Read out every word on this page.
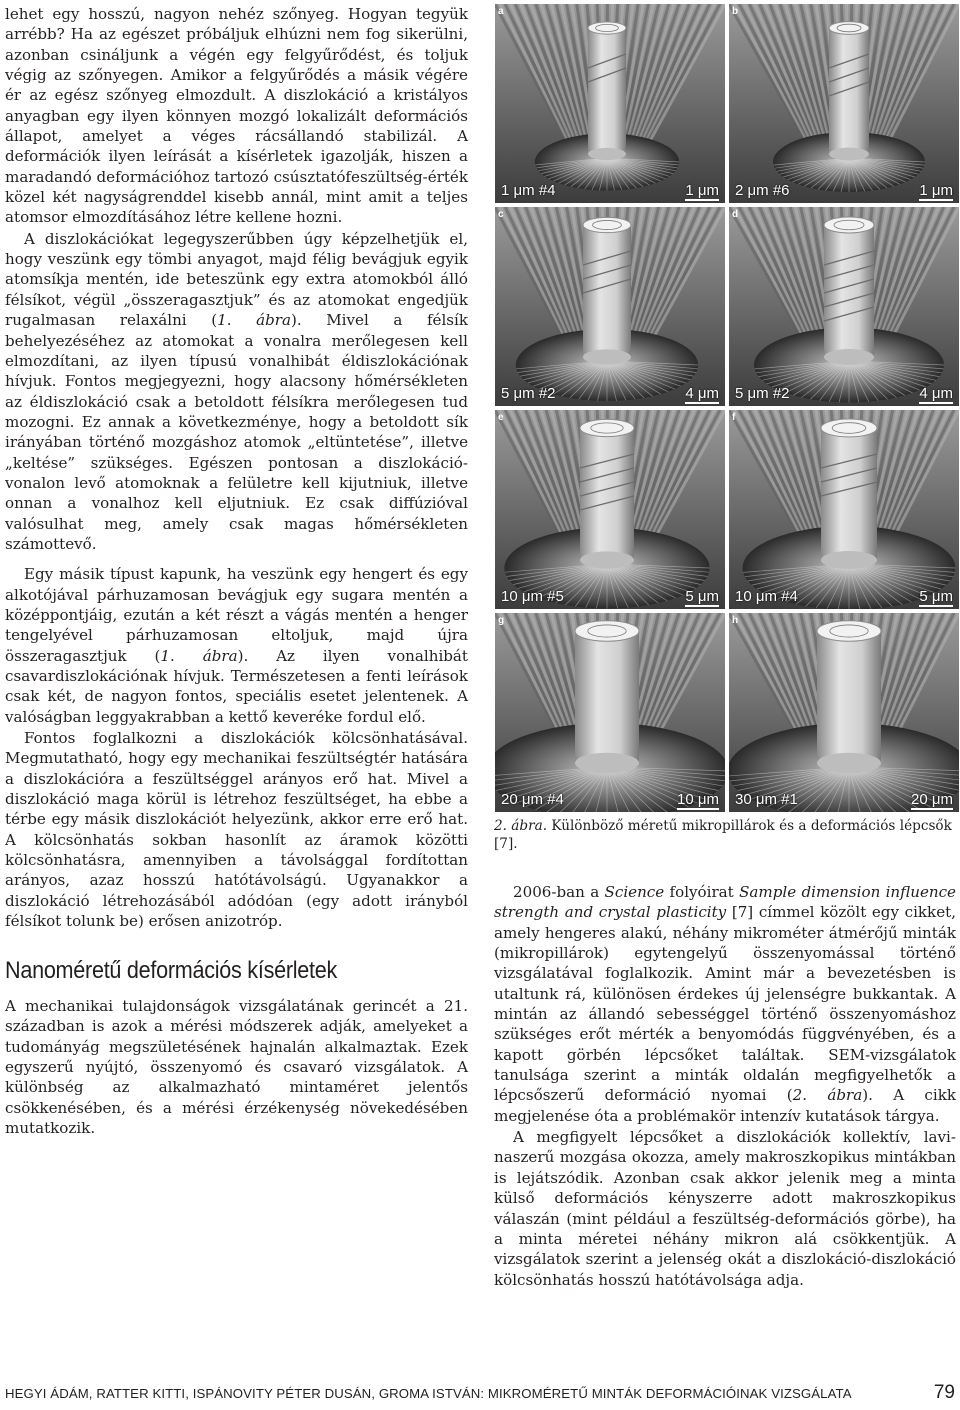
lehet egy hosszú, nagyon nehéz szőnyeg. Hogyan tegyük arrébb? Ha az egészet próbáljuk elhúzni nem fog sikerülni, azonban csináljunk a végén egy felgyűrődést, és toljuk végig az szőnyegen. Amikor a felgyűrődés a másik végére ér az egész szőnyeg elmozdult. A diszlokáció a kristályos anyagban egy ilyen könnyen mozgó lokalizált deformációs állapot, amelyet a véges rácsállandó stabilizál. A deformációk ilyen leírását a kísérletek igazolják, hiszen a maradandó deformációhoz tartozó csúsztatófeszültség-érték közel két nagyságrenddel kisebb annál, mint amit a teljes atomsor elmozdításához létre kellene hozni.

A diszlokációkat legegyszerűbben úgy képzelhetjük el, hogy veszünk egy tömbi anyagot, majd félig bevágjuk egyik atomsíkja mentén, ide beteszünk egy extra atomokból álló félsíkot, végül „összeragasztjuk” és az atomokat engedjük rugalmasan relaxálni (1. ábra). Mivel a félsík behelyezéséhez az atomokat a vonalra merőlegesen kell elmozdítani, az ilyen típusú vonalhibát éldiszlokációnak hívjuk. Fontos megjegyezni, hogy alacsony hőmérsékleten az éldiszlokáció csak a betoldott félsíkra merőlegesen tud mozogni. Ez annak a következménye, hogy a betoldott sík irányában történő mozgáshoz atomok „eltüntetése”, illetve „keltése” szükséges. Egészen pontosan a diszlokációvonalon levő atomoknak a felületre kell kijutniuk, illetve onnan a vonalhoz kell eljutniuk. Ez csak diffúzióval valósulhat meg, amely csak magas hőmérsékleten számottevő.

Egy másik típust kapunk, ha veszünk egy hengert és egy alkotójával párhuzamosan bevágjuk egy sugara mentén a középpontjáig, ezután a két részt a vágás mentén a henger tengelyével párhuzamosan eltoljuk, majd újra összeragasztjuk (1. ábra). Az ilyen vonalhibát csavardiszlokációnak hívjuk. Természetesen a fenti leírások csak két, de nagyon fontos, speciális esetet jelentenek. A valóságban leggyakrabban a kettő keveréke fordul elő.

Fontos foglalkozni a diszlokációk kölcsönhatásával. Megmutatható, hogy egy mechanikai feszültségtér hatására a diszlokációra a feszültséggel arányos erő hat. Mivel a diszlokáció maga körül is létrehoz feszültséget, ha ebbe a térbe egy másik diszlokációt helyezünk, akkor erre erő hat. A kölcsönhatás sokban hasonlít az áramok közötti kölcsönhatásra, amennyiben a távolsággal fordítottan arányos, azaz hosszú hatótávolságú. Ugyanakkor a diszlokáció létrehozásából adódóan (egy adott irányból félsíkot tolunk be) erősen anizotróp.

Nanoméretű deformációs kísérletek

A mechanikai tulajdonságok vizsgálatának gerincét a 21. században is azok a mérési módszerek adják, amelyeket a tudományág megszületésének hajnalán alkalmaztak. Ezek egyszerű nyújtó, összenyomó és csavaró vizsgálatok. A különbség az alkalmazható mintaméret jelentős csökkenésében, és a mérési érzékenység növekedésében mutatkozik.

a
1 μm #4	1 μm
b
2 μm #6	1 μm
c
5 μm #2	4 μm
d
5 μm #2	4 μm
e
10 μm #5	5 μm
f
10 μm #4	5 μm
g
20 μm #4	10 μm
h
30 μm #1	20 μm
2. ábra. Különböző méretű mikropillárok és a deformációs lépcsők [7].

2006-ban a Science folyóirat Sample dimension influence strength and crystal plasticity [7] címmel közölt egy cikket, amely hengeres alakú, néhány mikrométer átmérőjű minták (mikropillárok) egytengelyű összenyomással történő vizsgálatával foglalkozik. Amint már a bevezetésben is utaltunk rá, különösen érdekes új jelenségre bukkantak. A mintán az állandó sebességgel történő összenyomáshoz szükséges erőt mérték a benyomódás függvényében, és a kapott görbén lépcsőket találtak. SEM-vizsgálatok tanulsága szerint a minták oldalán megfigyelhetők a lépcsőszerű deformáció nyomai (2. ábra). A cikk megjelenése óta a problémakör intenzív kutatások tárgya.

A megfigyelt lépcsőket a diszlokációk kollektív, lavinaszerű mozgása okozza, amely makroszkopikus mintákban is lejátszódik. Azonban csak akkor jelenik meg a minta külső deformációs kényszerre adott makroszkopikus válaszán (mint például a feszültség-deformációs görbe), ha a minta méretei néhány mikron alá csökkentjük. A vizsgálatok szerint a jelenség okát a diszlokáció-diszlokáció kölcsönhatás hosszú hatótávolsága adja.

HEGYI ÁDÁM, RATTER KITTI, ISPÁNOVITY PÉTER DUSÁN, GROMA ISTVÁN: MIKROMÉRETŰ MINTÁK DEFORMÁCIÓINAK VIZSGÁLATA	79
